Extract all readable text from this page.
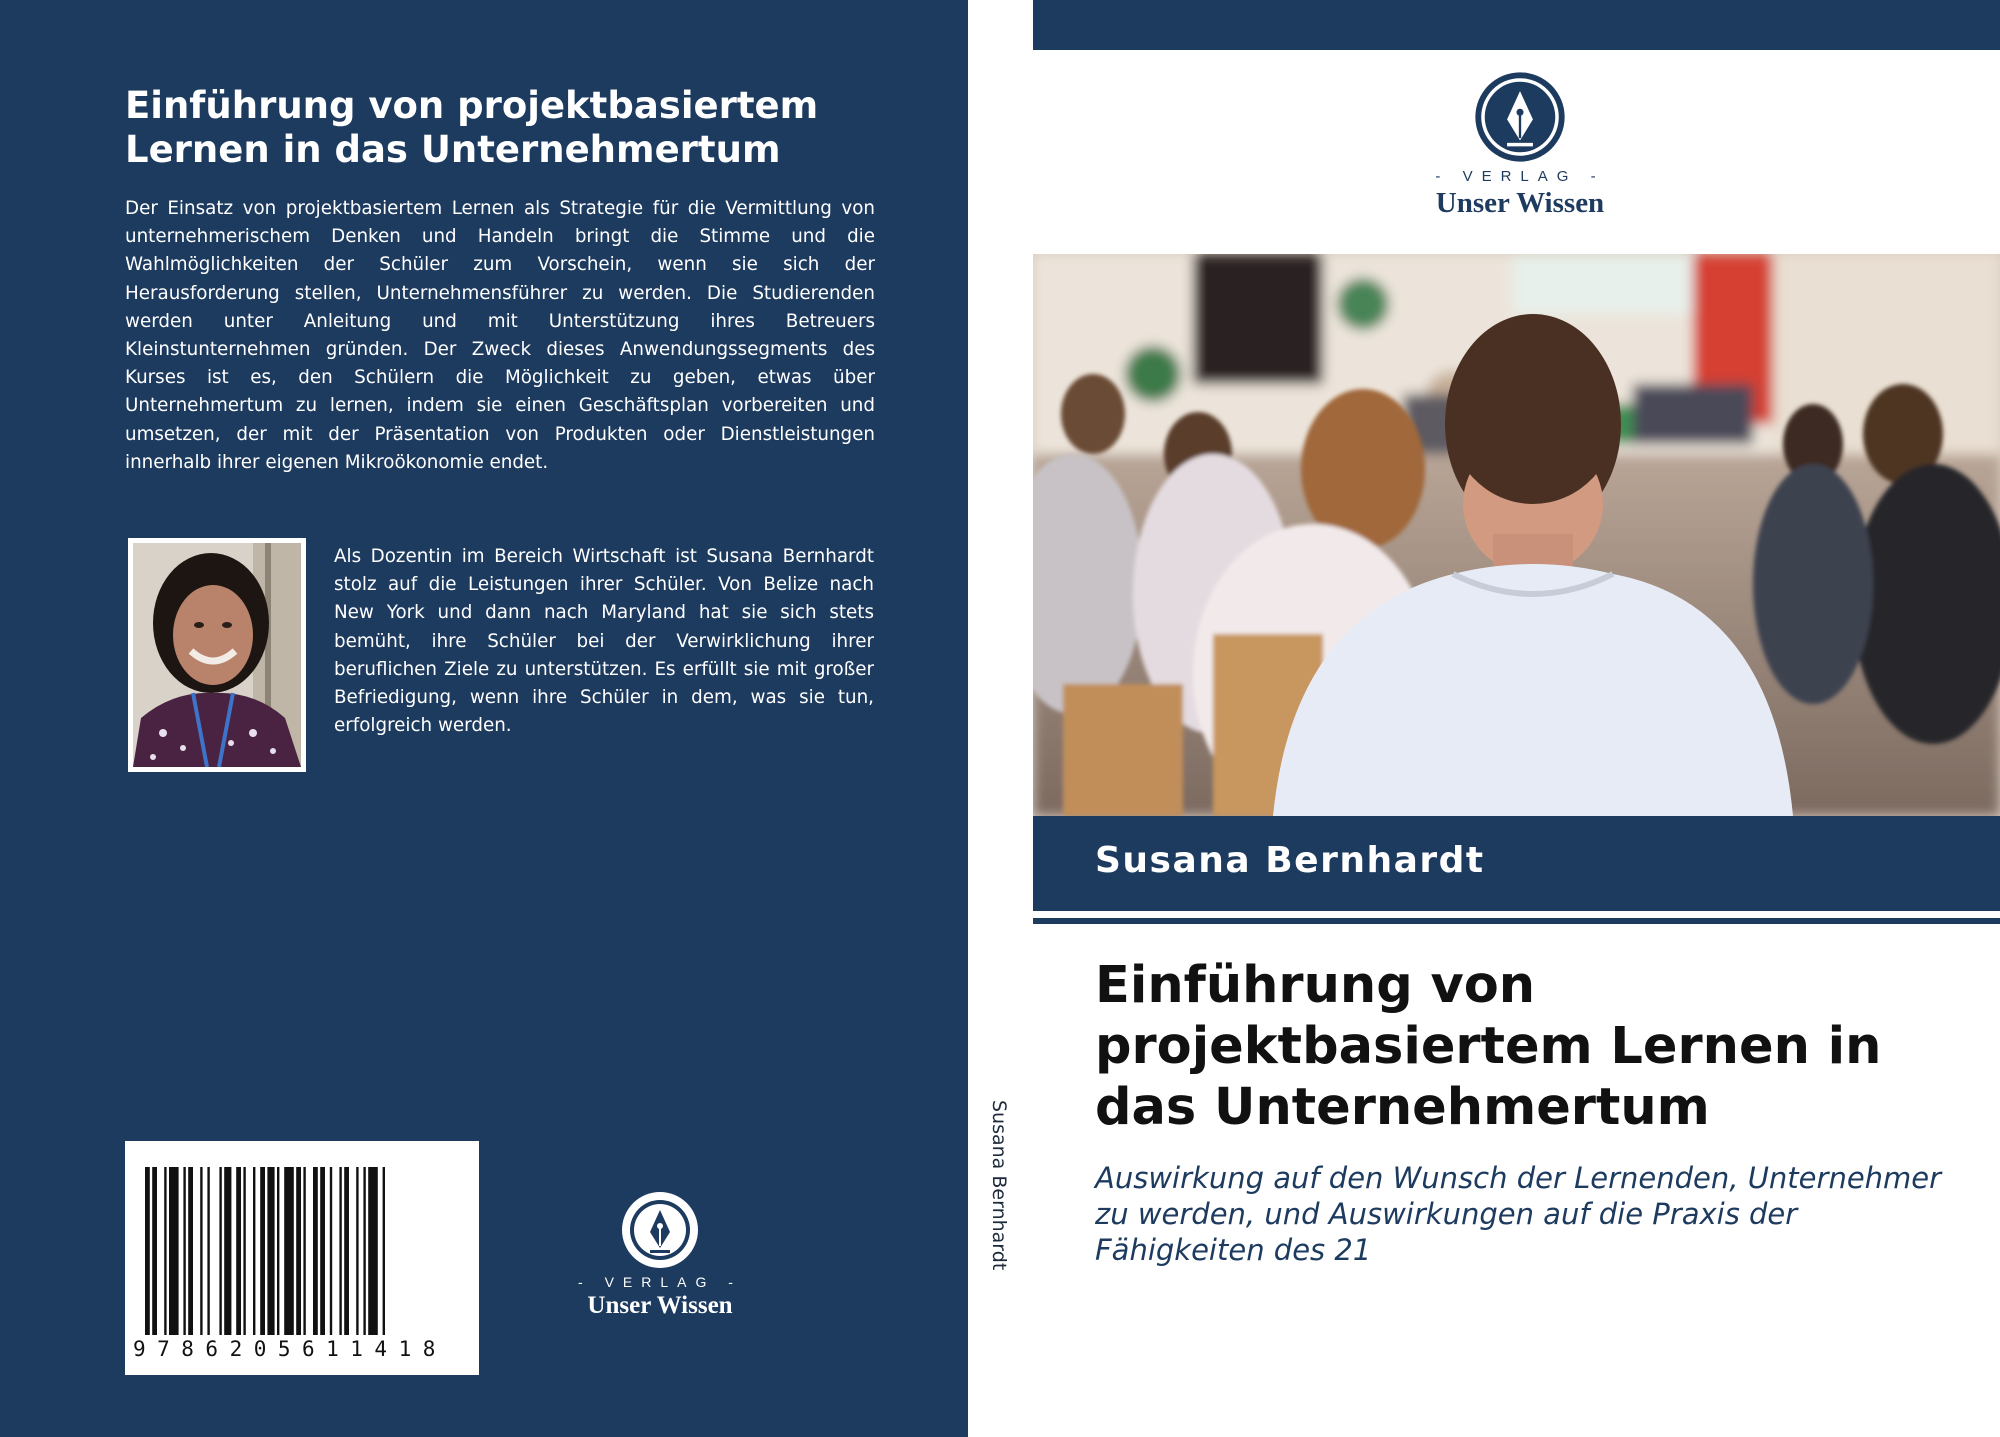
Einführung von projektbasiertem Lernen in das Unternehmertum

Der Einsatz von projektbasiertem Lernen als Strategie für die Vermittlung von unternehmerischem Denken und Handeln bringt die Stimme und die Wahlmöglichkeiten der Schüler zum Vorschein, wenn sie sich der Herausforderung stellen, Unternehmensführer zu werden. Die Studierenden werden unter Anleitung und mit Unterstützung ihres Betreuers Kleinstunternehmen gründen. Der Zweck dieses Anwendungssegments des Kurses ist es, den Schülern die Möglichkeit zu geben, etwas über Unternehmertum zu lernen, indem sie einen Geschäftsplan vorbereiten und umsetzen, der mit der Präsentation von Produkten oder Dienstleistungen innerhalb ihrer eigenen Mikroökonomie endet.

Als Dozentin im Bereich Wirtschaft ist Susana Bernhardt stolz auf die Leistungen ihrer Schüler. Von Belize nach New York und dann nach Maryland hat sie sich stets bemüht, ihre Schüler bei der Verwirklichung ihrer beruflichen Ziele zu unterstützen. Es erfüllt sie mit großer Befriedigung, wenn ihre Schüler in dem, was sie tun, erfolgreich werden.

9786205611418
- VERLAG -
Unser Wissen
Susana Bernhardt
- VERLAG -
Unser Wissen
Susana Bernhardt
Einführung von projektbasiertem Lernen in das Unternehmertum
Auswirkung auf den Wunsch der Lernenden, Unternehmer zu werden, und Auswirkungen auf die Praxis der Fähigkeiten des 21
